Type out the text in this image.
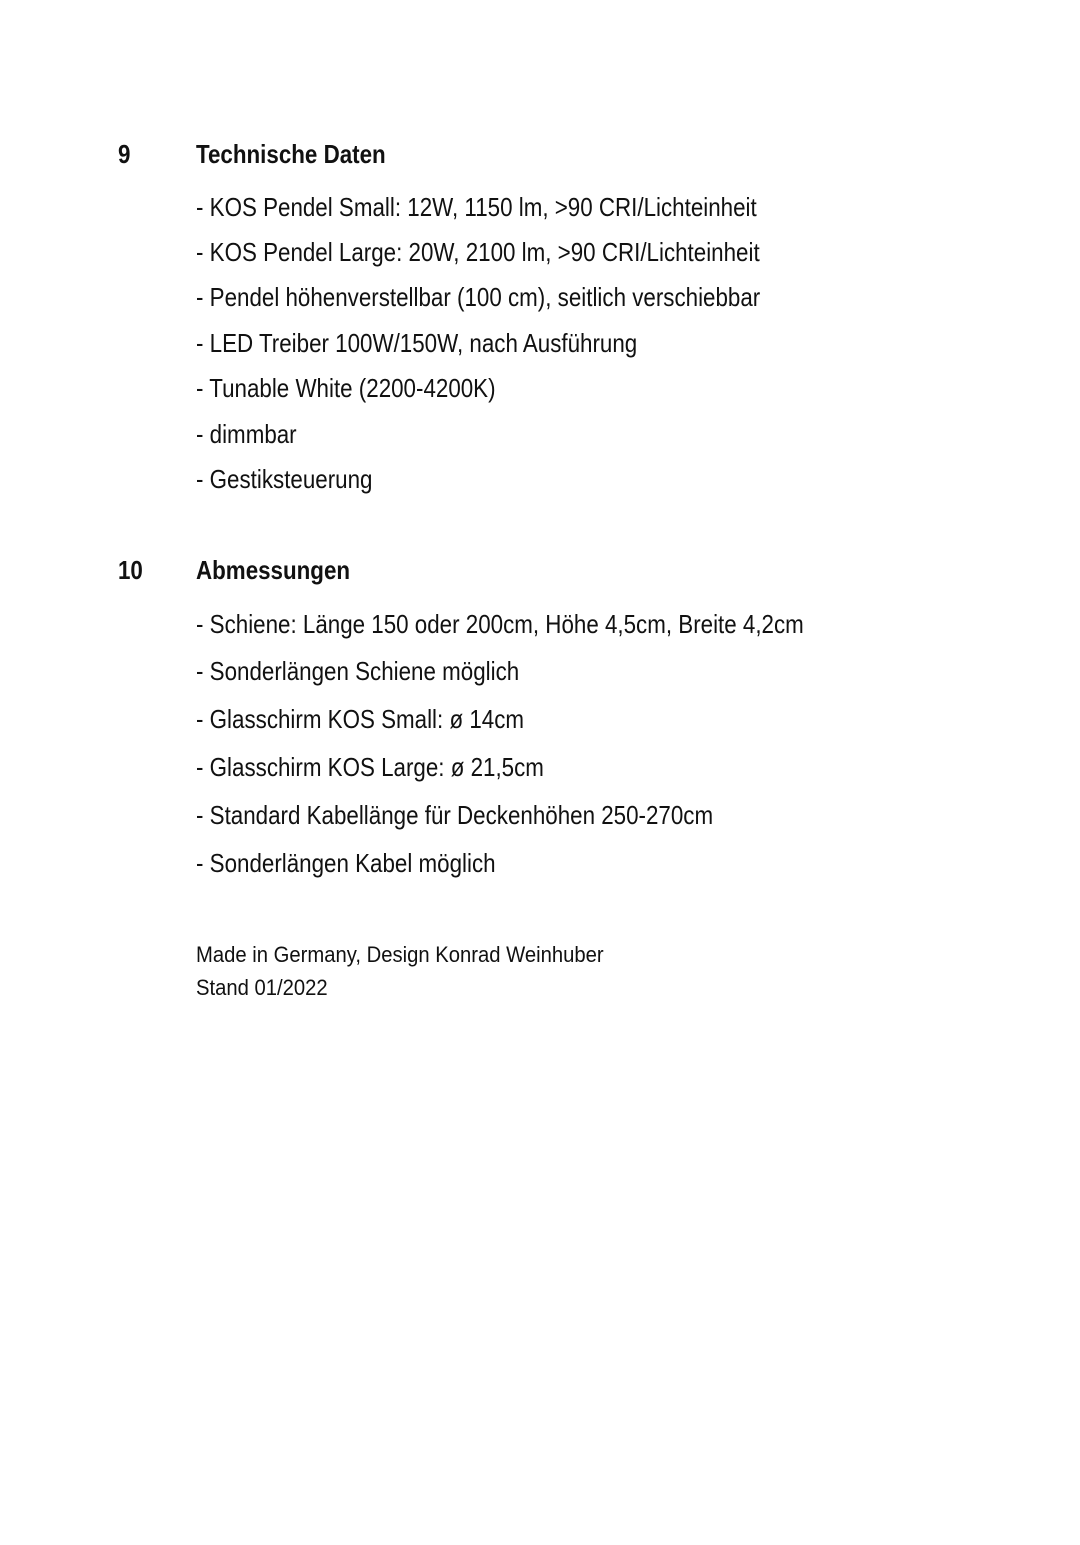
9	Technische Daten
- KOS Pendel Small: 12W, 1150 lm, >90 CRI/Lichteinheit
- KOS Pendel Large: 20W, 2100 lm, >90 CRI/Lichteinheit
- Pendel höhenverstellbar (100 cm), seitlich verschiebbar
- LED Treiber 100W/150W, nach Ausführung
- Tunable White (2200-4200K)
- dimmbar
- Gestiksteuerung
10 Abmessungen
- Schiene: Länge 150 oder 200cm, Höhe 4,5cm, Breite 4,2cm
- Sonderlängen Schiene möglich
- Glasschirm KOS Small: ø 14cm
- Glasschirm KOS Large: ø 21,5cm
- Standard Kabellänge für Deckenhöhen 250-270cm
- Sonderlängen Kabel möglich
Made in Germany, Design Konrad Weinhuber
Stand 01/2022
